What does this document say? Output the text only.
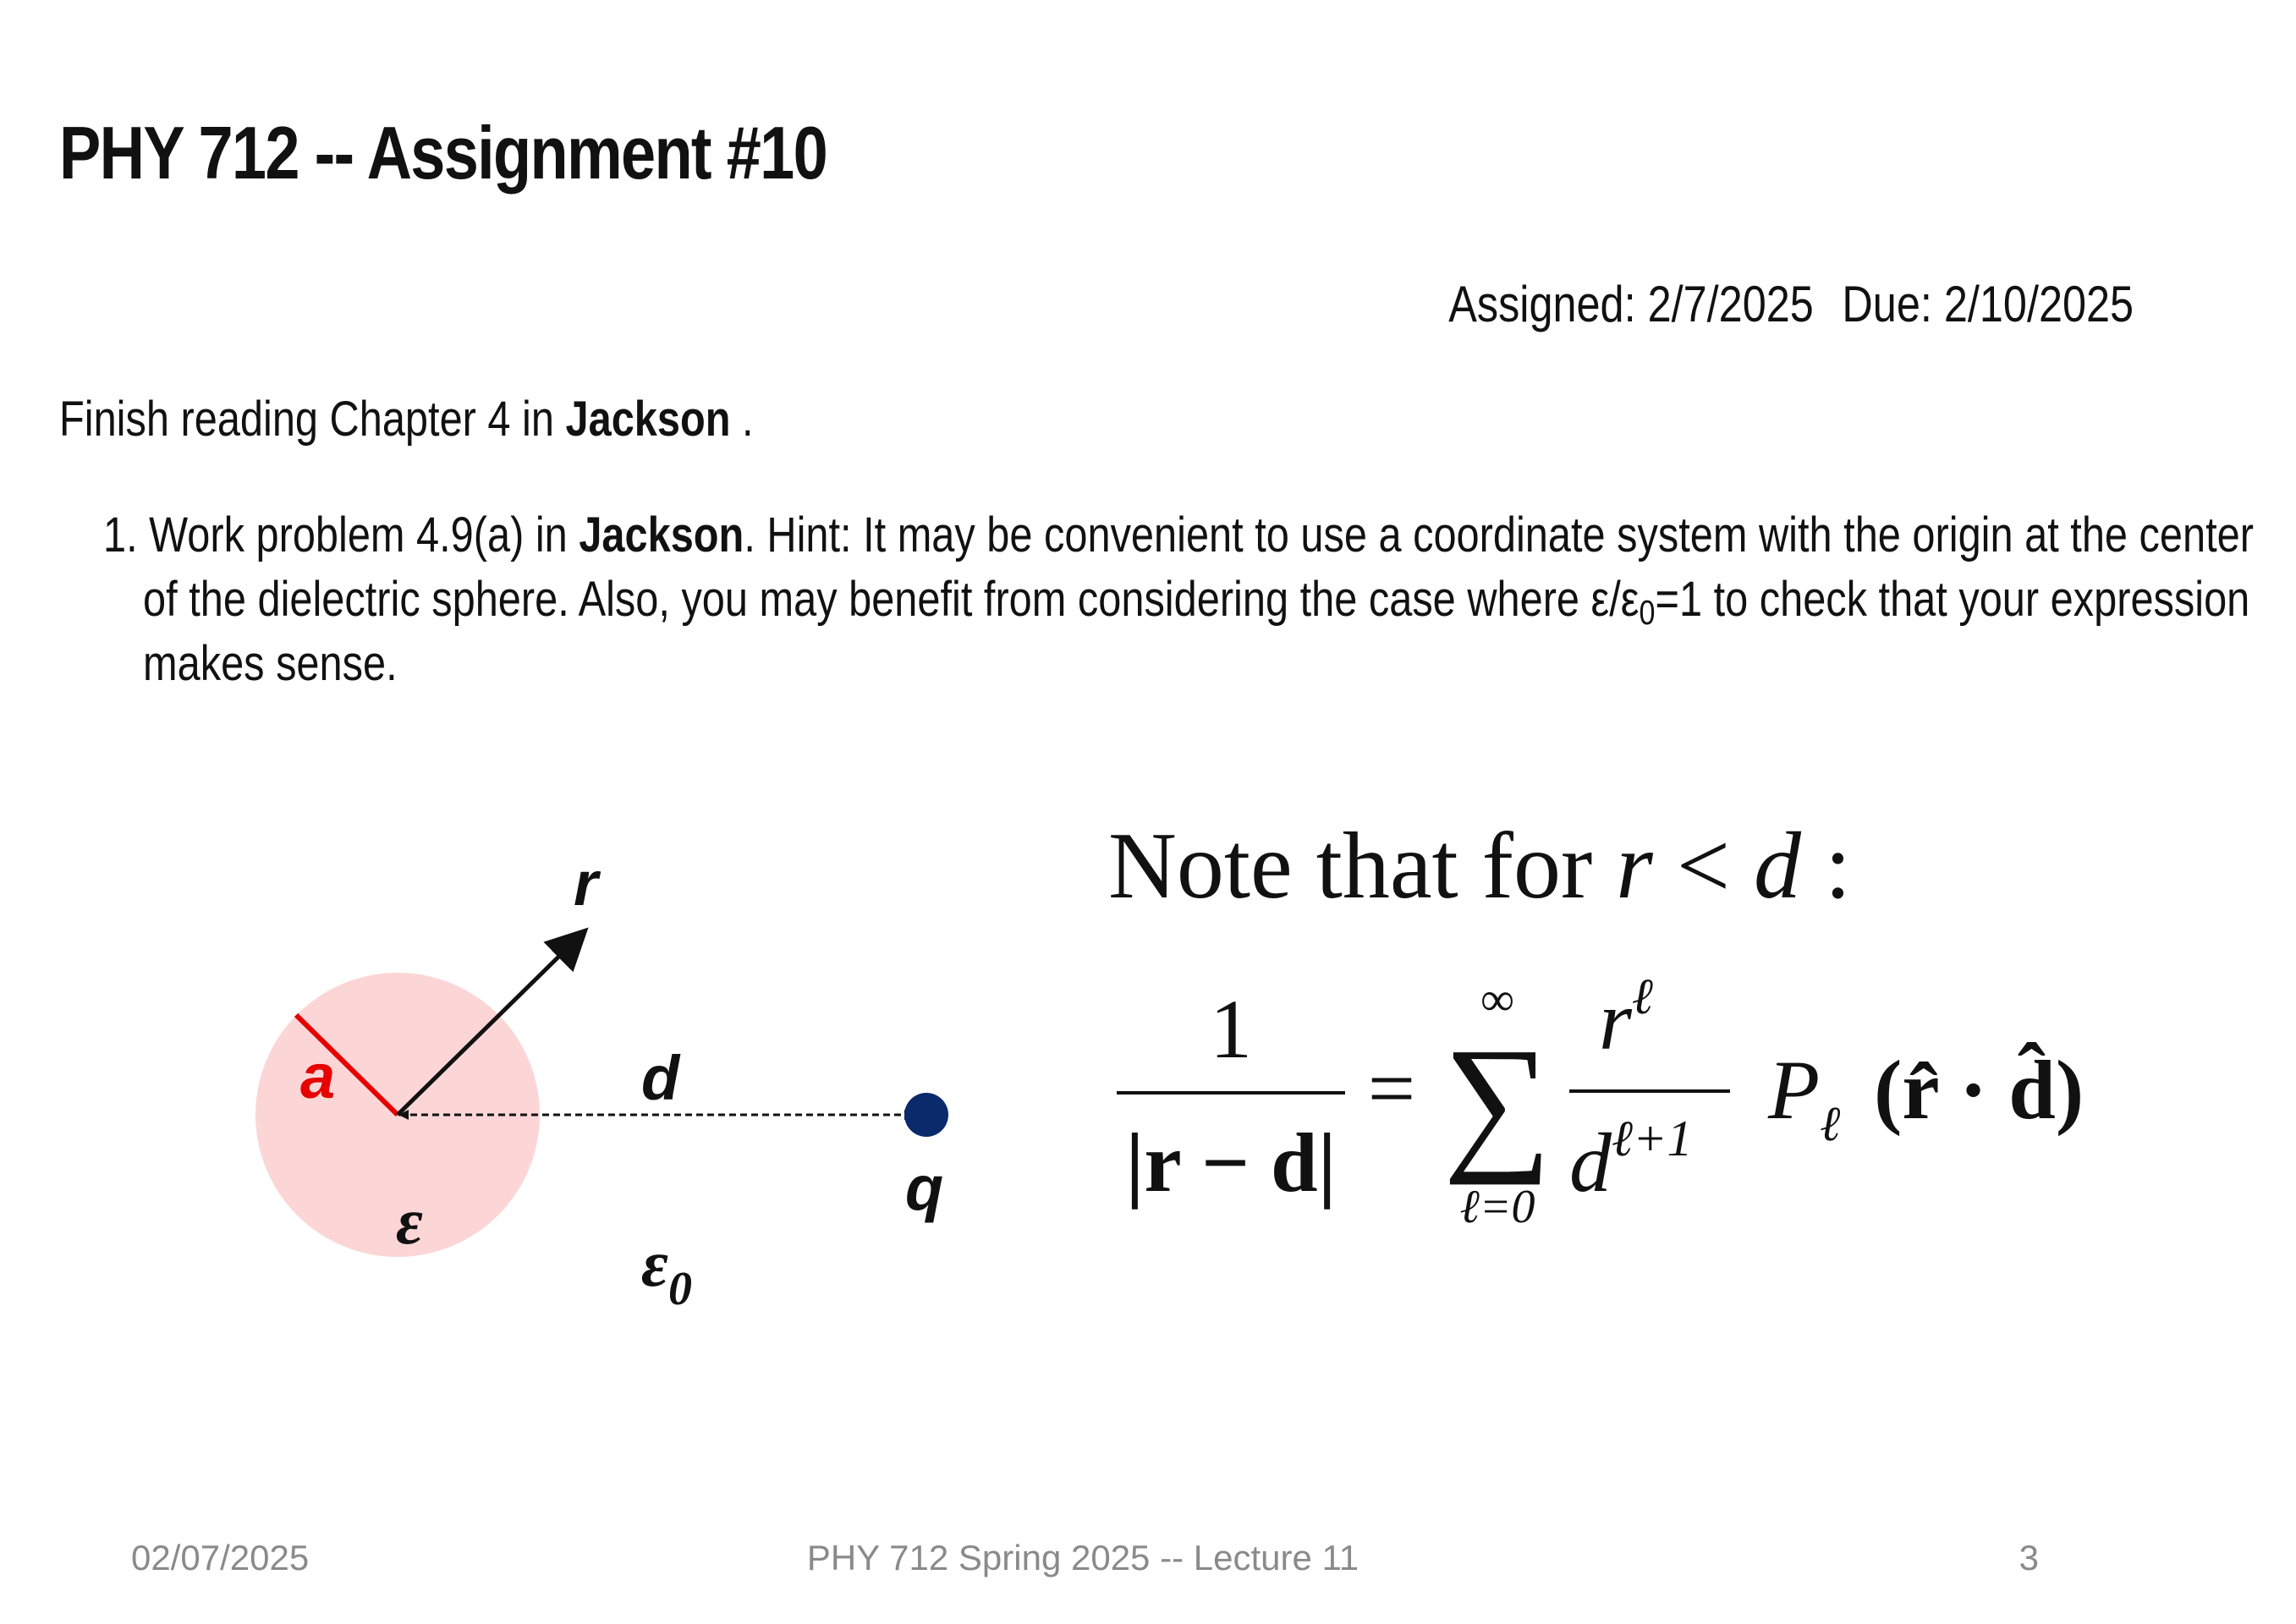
PHY 712 -- Assignment #10
Assigned: 2/7/2025 Due: 2/10/2025

Finish reading Chapter 4 in Jackson .

1. Work problem 4.9(a) in Jackson. Hint: It may be convenient to use a coordinate system with the origin at the center of the dielectric sphere. Also, you may benefit from considering the case where $\varepsilon/\varepsilon_0=1$ to check that your expression makes sense.

a
r
d
q
ε
$\varepsilon_0$
Note that for r < d :
1
|r − d|
=
∞
∑
ℓ=0
$r^\ell$
$d^{\ell+1}$
$P_\ell$ (r̂ · d̂)
02/07/2025	PHY 712 Spring 2025 -- Lecture 11	3
